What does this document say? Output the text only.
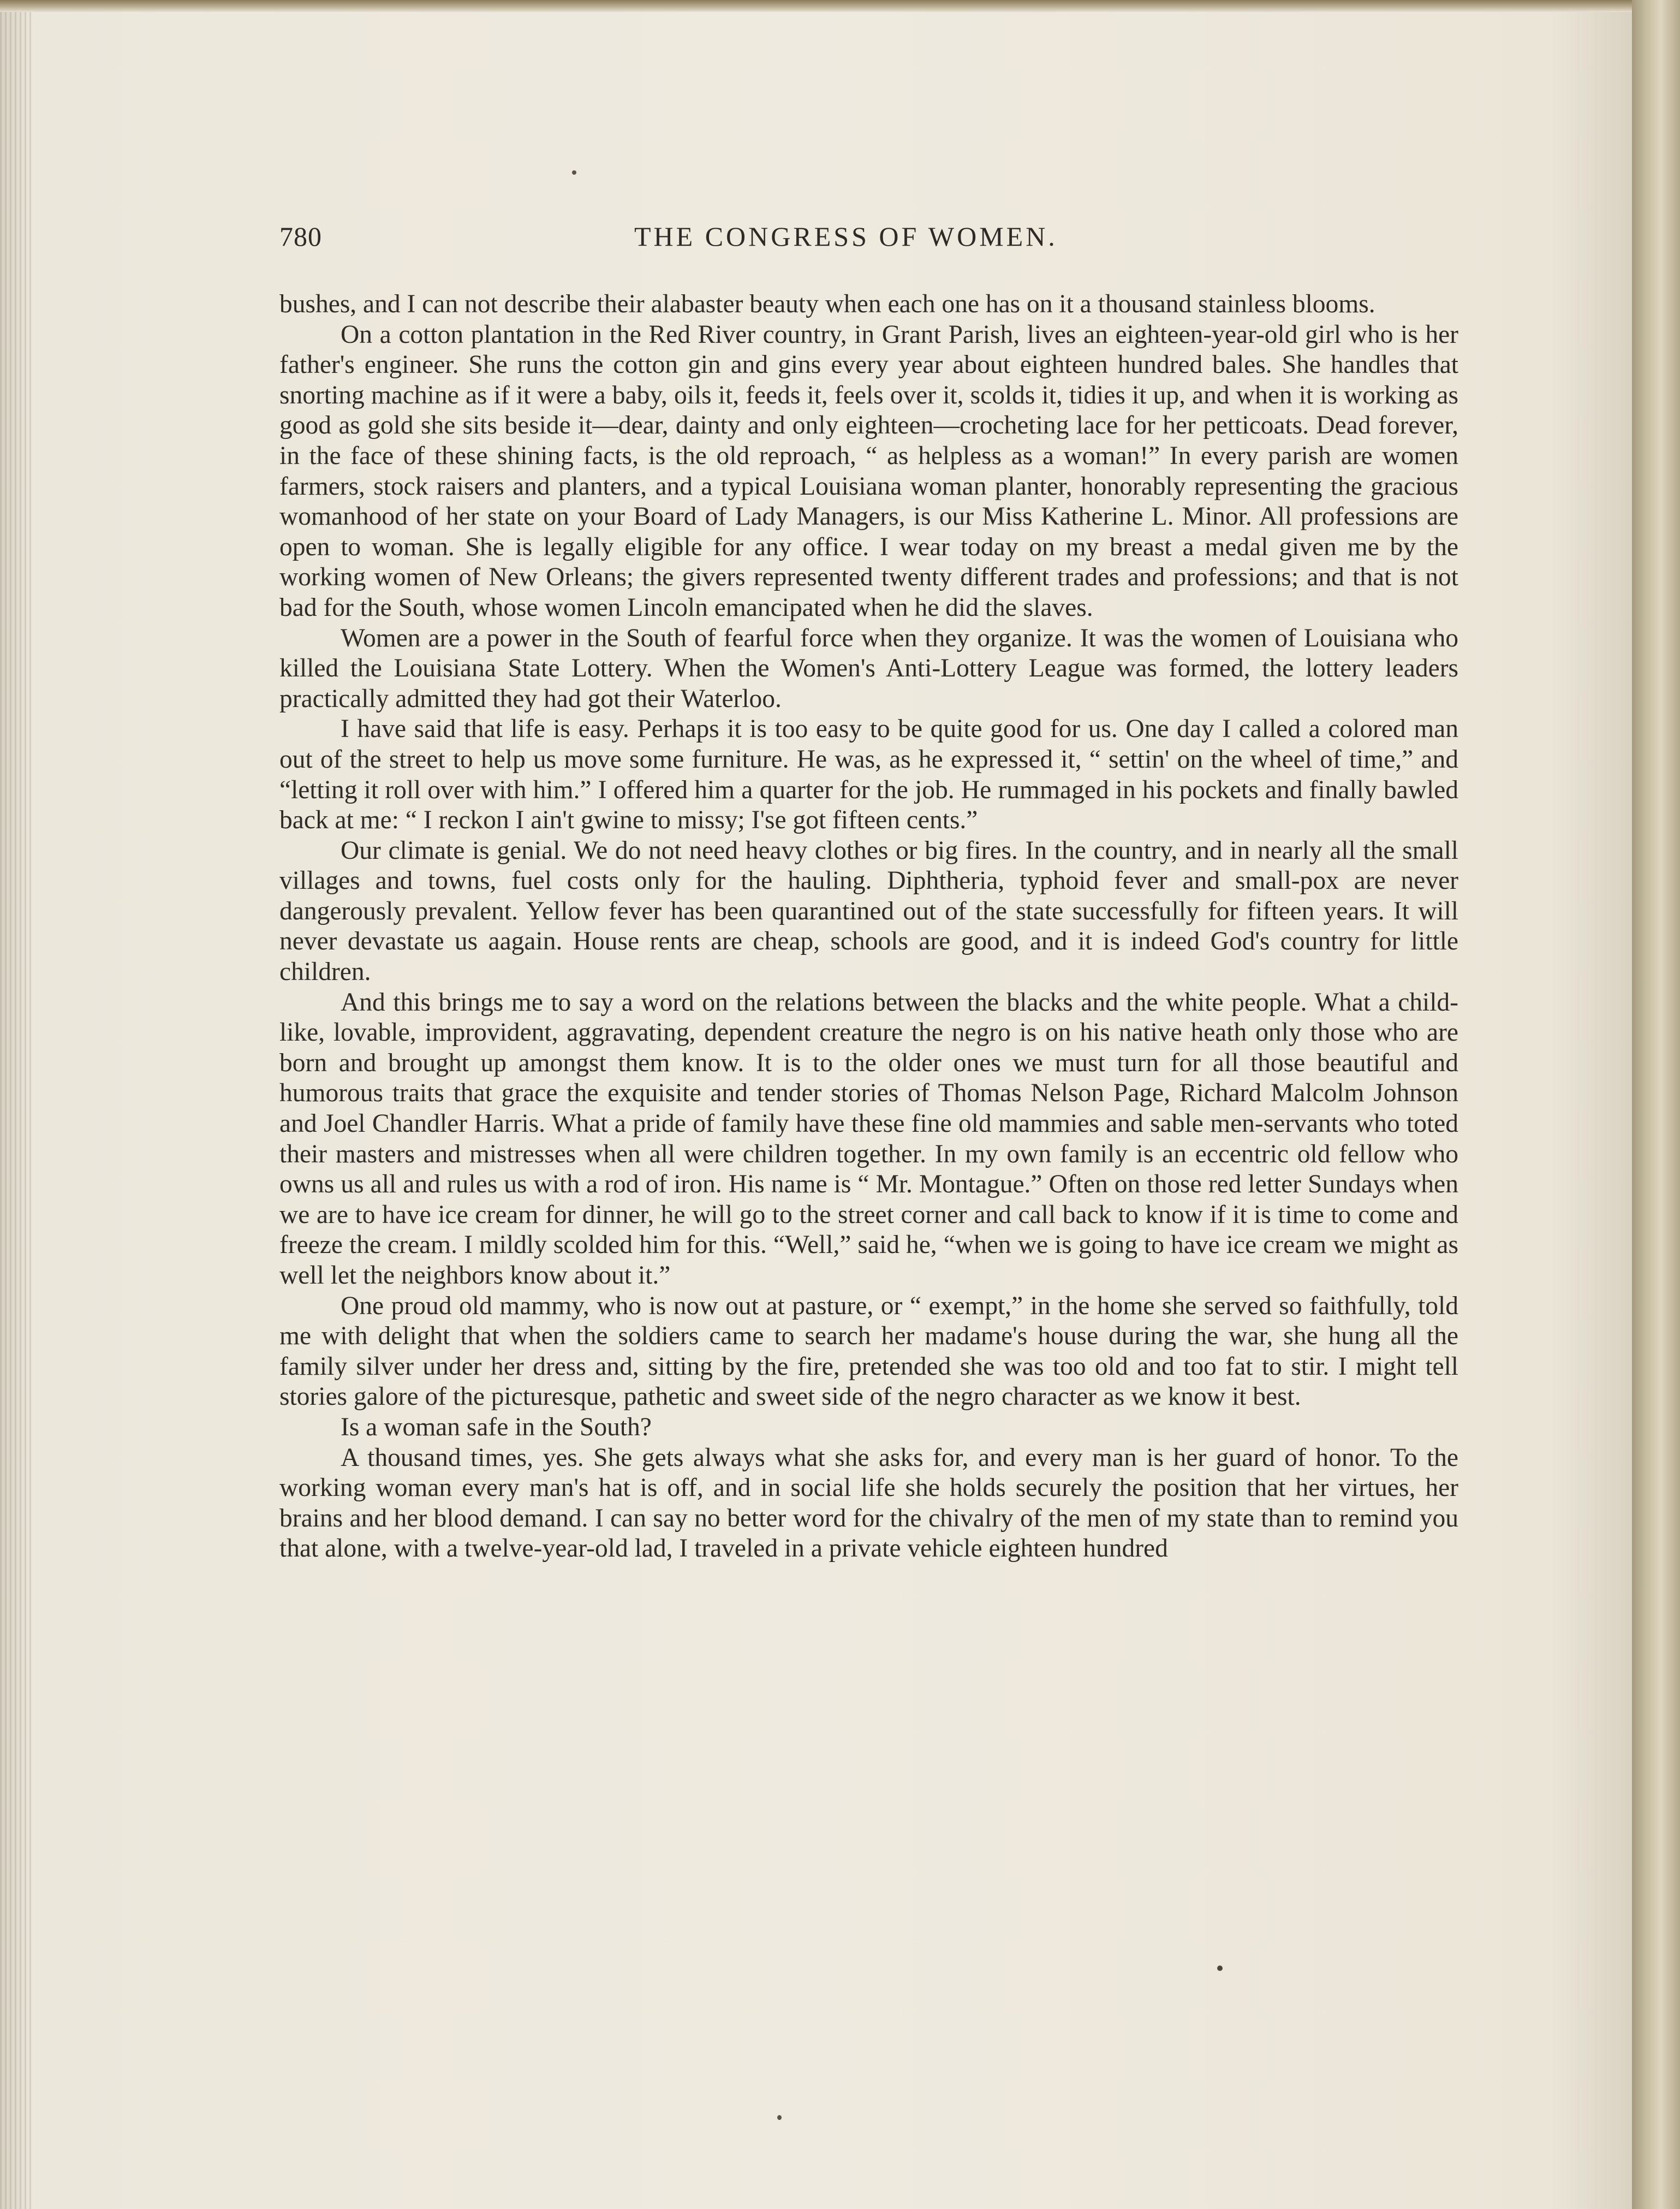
780	THE CONGRESS OF WOMEN.

bushes, and I can not describe their alabaster beauty when each one has on it a thousand stainless blooms.

On a cotton plantation in the Red River country, in Grant Parish, lives an eighteen-year-old girl who is her father's engineer. She runs the cotton gin and gins every year about eighteen hundred bales. She handles that snorting machine as if it were a baby, oils it, feeds it, feels over it, scolds it, tidies it up, and when it is working as good as gold she sits beside it—dear, dainty and only eighteen—crocheting lace for her petticoats. Dead forever, in the face of these shining facts, is the old reproach, “ as helpless as a woman!” In every parish are women farmers, stock raisers and planters, and a typical Louisiana woman planter, honorably representing the gracious womanhood of her state on your Board of Lady Managers, is our Miss Katherine L. Minor. All professions are open to woman. She is legally eligible for any office. I wear today on my breast a medal given me by the working women of New Orleans; the givers represented twenty different trades and professions; and that is not bad for the South, whose women Lincoln emancipated when he did the slaves.

Women are a power in the South of fearful force when they organize. It was the women of Louisiana who killed the Louisiana State Lottery. When the Women's Anti-Lottery League was formed, the lottery leaders practically admitted they had got their Waterloo.

I have said that life is easy. Perhaps it is too easy to be quite good for us. One day I called a colored man out of the street to help us move some furniture. He was, as he expressed it, “ settin' on the wheel of time,” and “letting it roll over with him.” I offered him a quarter for the job. He rummaged in his pockets and finally bawled back at me: “ I reckon I ain't gwine to missy; I'se got fifteen cents.”

Our climate is genial. We do not need heavy clothes or big fires. In the country, and in nearly all the small villages and towns, fuel costs only for the hauling. Diphtheria, typhoid fever and small-pox are never dangerously prevalent. Yellow fever has been quarantined out of the state successfully for fifteen years. It will never devastate us aagain. House rents are cheap, schools are good, and it is indeed God's country for little children.

And this brings me to say a word on the relations between the blacks and the white people. What a child-like, lovable, improvident, aggravating, dependent creature the negro is on his native heath only those who are born and brought up amongst them know. It is to the older ones we must turn for all those beautiful and humorous traits that grace the exquisite and tender stories of Thomas Nelson Page, Richard Malcolm Johnson and Joel Chandler Harris. What a pride of family have these fine old mammies and sable men-servants who toted their masters and mistresses when all were children together. In my own family is an eccentric old fellow who owns us all and rules us with a rod of iron. His name is “ Mr. Montague.” Often on those red letter Sundays when we are to have ice cream for dinner, he will go to the street corner and call back to know if it is time to come and freeze the cream. I mildly scolded him for this. “Well,” said he, “when we is going to have ice cream we might as well let the neighbors know about it.”

One proud old mammy, who is now out at pasture, or “ exempt,” in the home she served so faithfully, told me with delight that when the soldiers came to search her madame's house during the war, she hung all the family silver under her dress and, sitting by the fire, pretended she was too old and too fat to stir. I might tell stories galore of the picturesque, pathetic and sweet side of the negro character as we know it best.

Is a woman safe in the South?

A thousand times, yes. She gets always what she asks for, and every man is her guard of honor. To the working woman every man's hat is off, and in social life she holds securely the position that her virtues, her brains and her blood demand. I can say no better word for the chivalry of the men of my state than to remind you that alone, with a twelve-year-old lad, I traveled in a private vehicle eighteen hundred
